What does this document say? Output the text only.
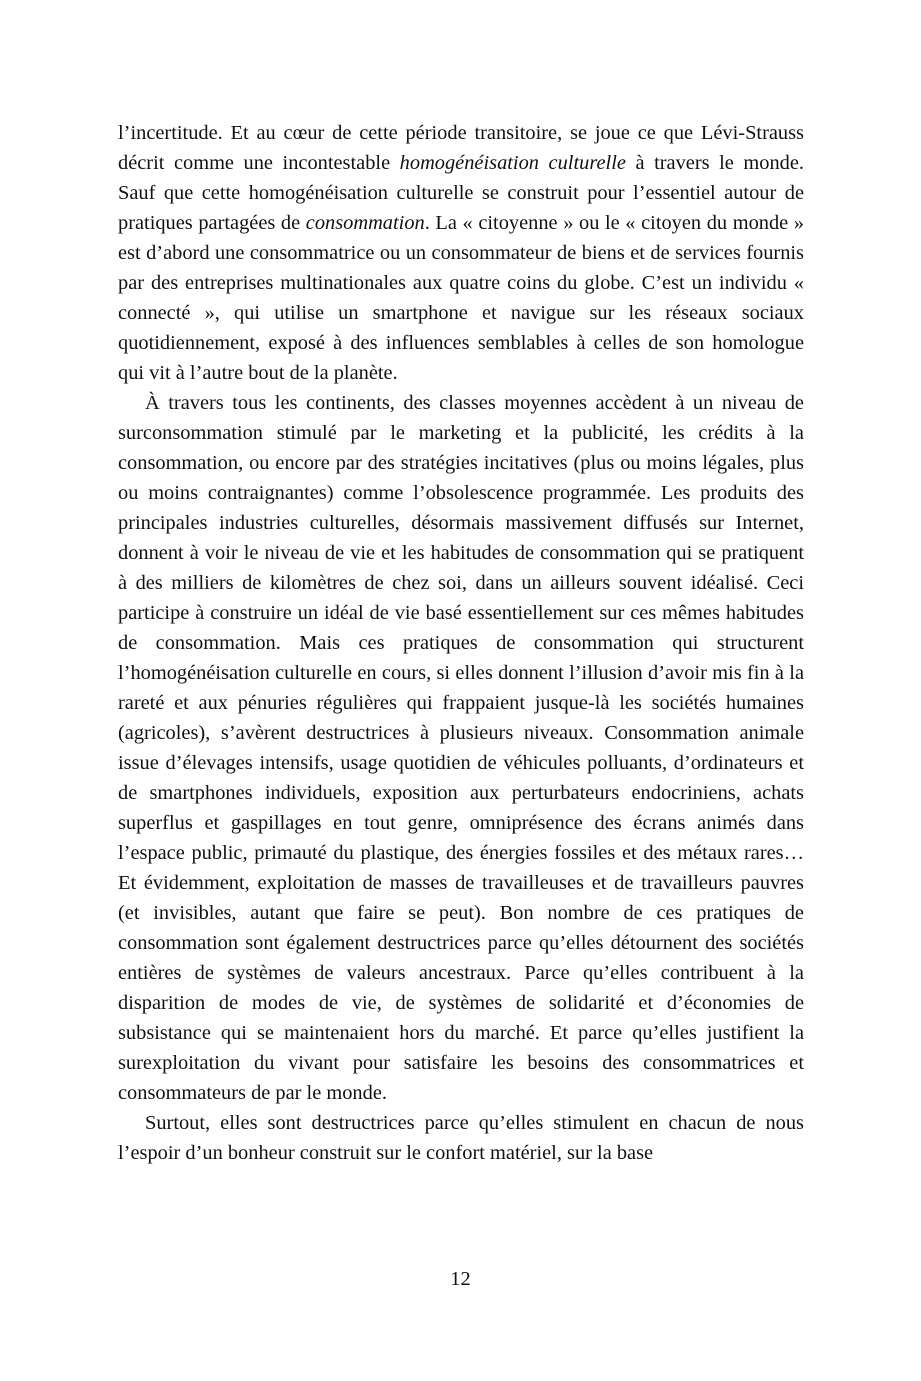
l’incertitude. Et au cœur de cette période transitoire, se joue ce que Lévi-Strauss décrit comme une incontestable homogénéisation culturelle à travers le monde. Sauf que cette homogénéisation culturelle se construit pour l’essentiel autour de pratiques partagées de consommation. La « citoyenne » ou le « citoyen du monde » est d’abord une consommatrice ou un consommateur de biens et de services fournis par des entreprises multinationales aux quatre coins du globe. C’est un individu « connecté », qui utilise un smartphone et navigue sur les réseaux sociaux quotidiennement, exposé à des influences semblables à celles de son homologue qui vit à l’autre bout de la planète.

À travers tous les continents, des classes moyennes accèdent à un niveau de surconsommation stimulé par le marketing et la publicité, les crédits à la consommation, ou encore par des stratégies incitatives (plus ou moins légales, plus ou moins contraignantes) comme l’obsolescence programmée. Les produits des principales industries culturelles, désormais massivement diffusés sur Internet, donnent à voir le niveau de vie et les habitudes de consommation qui se pratiquent à des milliers de kilomètres de chez soi, dans un ailleurs souvent idéalisé. Ceci participe à construire un idéal de vie basé essentiellement sur ces mêmes habitudes de consommation. Mais ces pratiques de consommation qui structurent l’homogénéisation culturelle en cours, si elles donnent l’illusion d’avoir mis fin à la rareté et aux pénuries régulières qui frappaient jusque-là les sociétés humaines (agricoles), s’avèrent destructrices à plusieurs niveaux. Consommation animale issue d’élevages intensifs, usage quotidien de véhicules polluants, d’ordinateurs et de smartphones individuels, exposition aux perturbateurs endocriniens, achats superflus et gaspillages en tout genre, omniprésence des écrans animés dans l’espace public, primauté du plastique, des énergies fossiles et des métaux rares… Et évidemment, exploitation de masses de travailleuses et de travailleurs pauvres (et invisibles, autant que faire se peut). Bon nombre de ces pratiques de consommation sont également destructrices parce qu’elles détournent des sociétés entières de systèmes de valeurs ancestraux. Parce qu’elles contribuent à la disparition de modes de vie, de systèmes de solidarité et d’économies de subsistance qui se maintenaient hors du marché. Et parce qu’elles justifient la surexploitation du vivant pour satisfaire les besoins des consommatrices et consommateurs de par le monde.

Surtout, elles sont destructrices parce qu’elles stimulent en chacun de nous l’espoir d’un bonheur construit sur le confort matériel, sur la base

12
